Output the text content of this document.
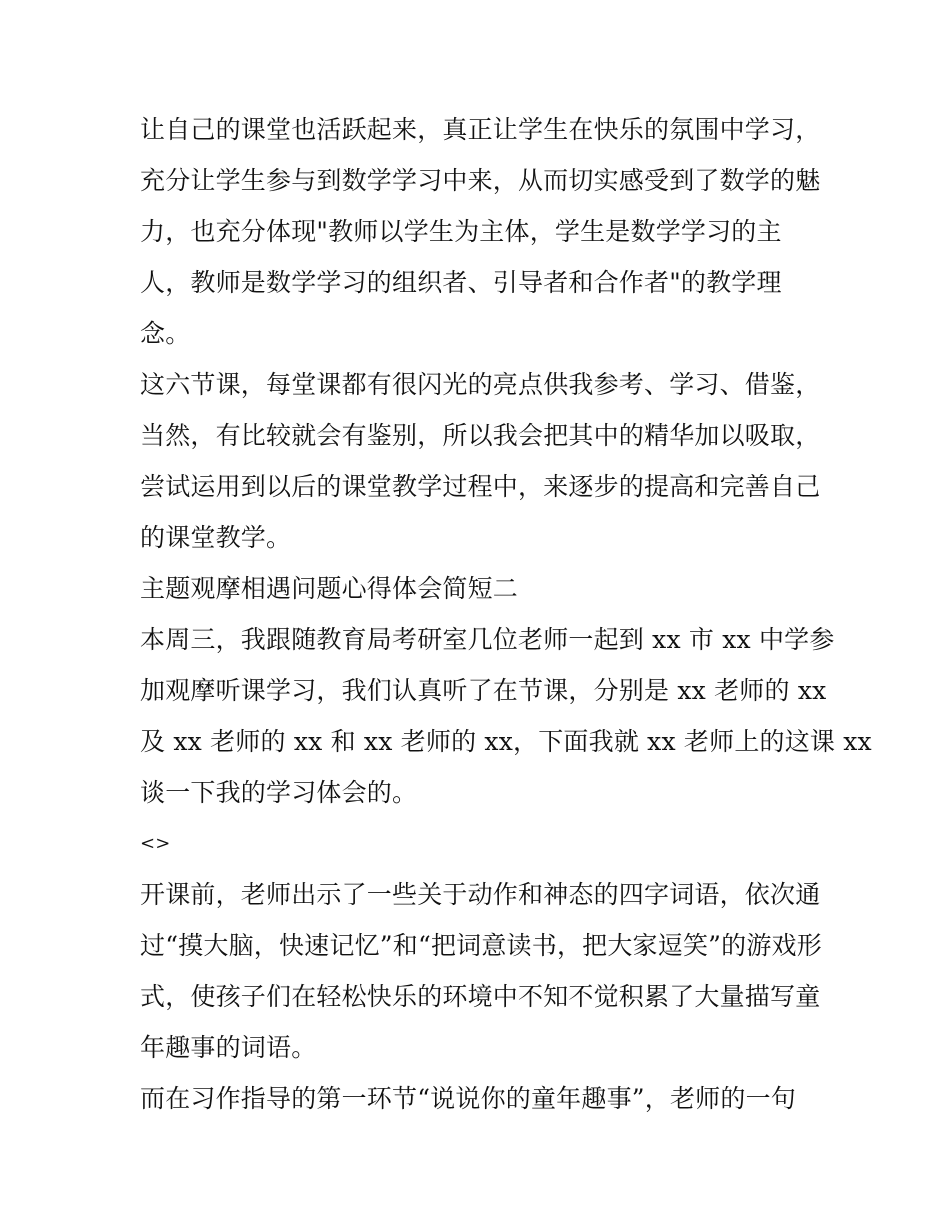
让自己的课堂也活跃起来，真正让学生在快乐的氛围中学习，
充分让学生参与到数学学习中来，从而切实感受到了数学的魅
力，也充分体现"教师以学生为主体，学生是数学学习的主
人，教师是数学学习的组织者、引导者和合作者"的教学理
念。
这六节课，每堂课都有很闪光的亮点供我参考、学习、借鉴，
当然，有比较就会有鉴别，所以我会把其中的精华加以吸取，
尝试运用到以后的课堂教学过程中，来逐步的提高和完善自己
的课堂教学。
主题观摩相遇问题心得体会简短二
本周三，我跟随教育局考研室几位老师一起到 xx 市 xx 中学参
加观摩听课学习，我们认真听了在节课，分别是 xx 老师的 xx
及 xx 老师的 xx 和 xx 老师的 xx，下面我就 xx 老师上的这课 xx
谈一下我的学习体会的。
<>
开课前，老师出示了一些关于动作和神态的四字词语，依次通
过“摸大脑，快速记忆”和“把词意读书，把大家逗笑”的游戏形
式，使孩子们在轻松快乐的环境中不知不觉积累了大量描写童
年趣事的词语。
而在习作指导的第一环节“说说你的童年趣事”，老师的一句
